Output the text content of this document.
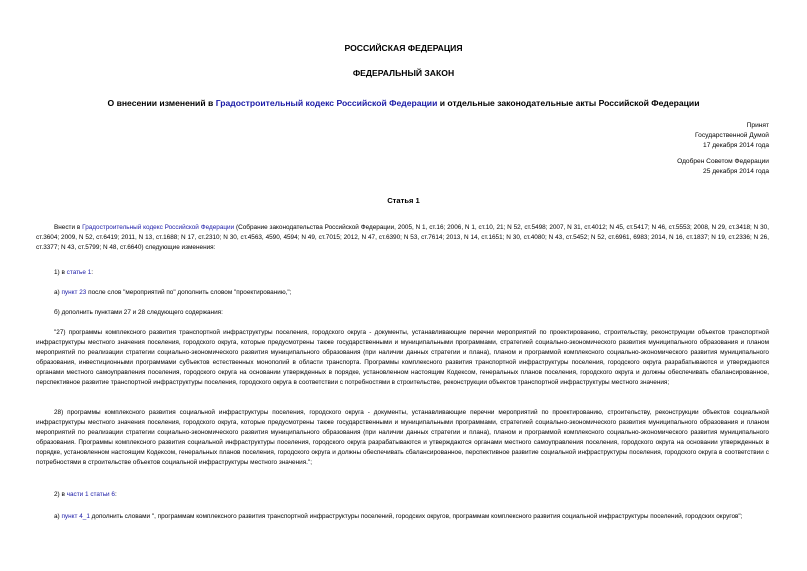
РОССИЙСКАЯ ФЕДЕРАЦИЯ
ФЕДЕРАЛЬНЫЙ ЗАКОН
О внесении изменений в Градостроительный кодекс Российской Федерации и отдельные законодательные акты Российской Федерации
Принят
Государственной Думой
17 декабря 2014 года
Одобрен Советом Федерации
25 декабря 2014 года
Статья 1
Внести в Градостроительный кодекс Российской Федерации (Собрание законодательства Российской Федерации, 2005, N 1, ст.16; 2006, N 1, ст.10, 21; N 52, ст.5498; 2007, N 31, ст.4012; N 45, ст.5417; N 46, ст.5553; 2008, N 29, ст.3418; N 30, ст.3604; 2009, N 52, ст.6419; 2011, N 13, ст.1688; N 17, ст.2310; N 30, ст.4563, 4590, 4594; N 49, ст.7015; 2012, N 47, ст.6390; N 53, ст.7614; 2013, N 14, ст.1651; N 30, ст.4080; N 43, ст.5452; N 52, ст.6961, 6983; 2014, N 16, ст.1837; N 19, ст.2336; N 26, ст.3377; N 43, ст.5799; N 48, ст.6640) следующие изменения:
1) в статье 1:
а) пункт 23 после слов "мероприятий по" дополнить словом "проектированию,";
б) дополнить пунктами 27 и 28 следующего содержания:
"27) программы комплексного развития транспортной инфраструктуры поселения, городского округа - документы, устанавливающие перечни мероприятий по проектированию, строительству, реконструкции объектов транспортной инфраструктуры местного значения поселения, городского округа, которые предусмотрены также государственными и муниципальными программами, стратегией социально-экономического развития муниципального образования и планом мероприятий по реализации стратегии социально-экономического развития муниципального образования (при наличии данных стратегии и плана), планом и программой комплексного социально-экономического развития муниципального образования, инвестиционными программами субъектов естественных монополий в области транспорта. Программы комплексного развития транспортной инфраструктуры поселения, городского округа разрабатываются и утверждаются органами местного самоуправления поселения, городского округа на основании утвержденных в порядке, установленном настоящим Кодексом, генеральных планов поселения, городского округа и должны обеспечивать сбалансированное, перспективное развитие транспортной инфраструктуры поселения, городского округа в соответствии с потребностями в строительстве, реконструкции объектов транспортной инфраструктуры местного значения;
28) программы комплексного развития социальной инфраструктуры поселения, городского округа - документы, устанавливающие перечни мероприятий по проектированию, строительству, реконструкции объектов социальной инфраструктуры местного значения поселения, городского округа, которые предусмотрены также государственными и муниципальными программами, стратегией социально-экономического развития муниципального образования и планом мероприятий по реализации стратегии социально-экономического развития муниципального образования (при наличии данных стратегии и плана), планом и программой комплексного социально-экономического развития муниципального образования. Программы комплексного развития социальной инфраструктуры поселения, городского округа разрабатываются и утверждаются органами местного самоуправления поселения, городского округа на основании утвержденных в порядке, установленном настоящим Кодексом, генеральных планов поселения, городского округа и должны обеспечивать сбалансированное, перспективное развитие социальной инфраструктуры поселения, городского округа в соответствии с потребностями в строительстве объектов социальной инфраструктуры местного значения.";
2) в части 1 статьи 6:
а) пункт 4_1 дополнить словами ", программам комплексного развития транспортной инфраструктуры поселений, городских округов, программам комплексного развития социальной инфраструктуры поселений, городских округов";
